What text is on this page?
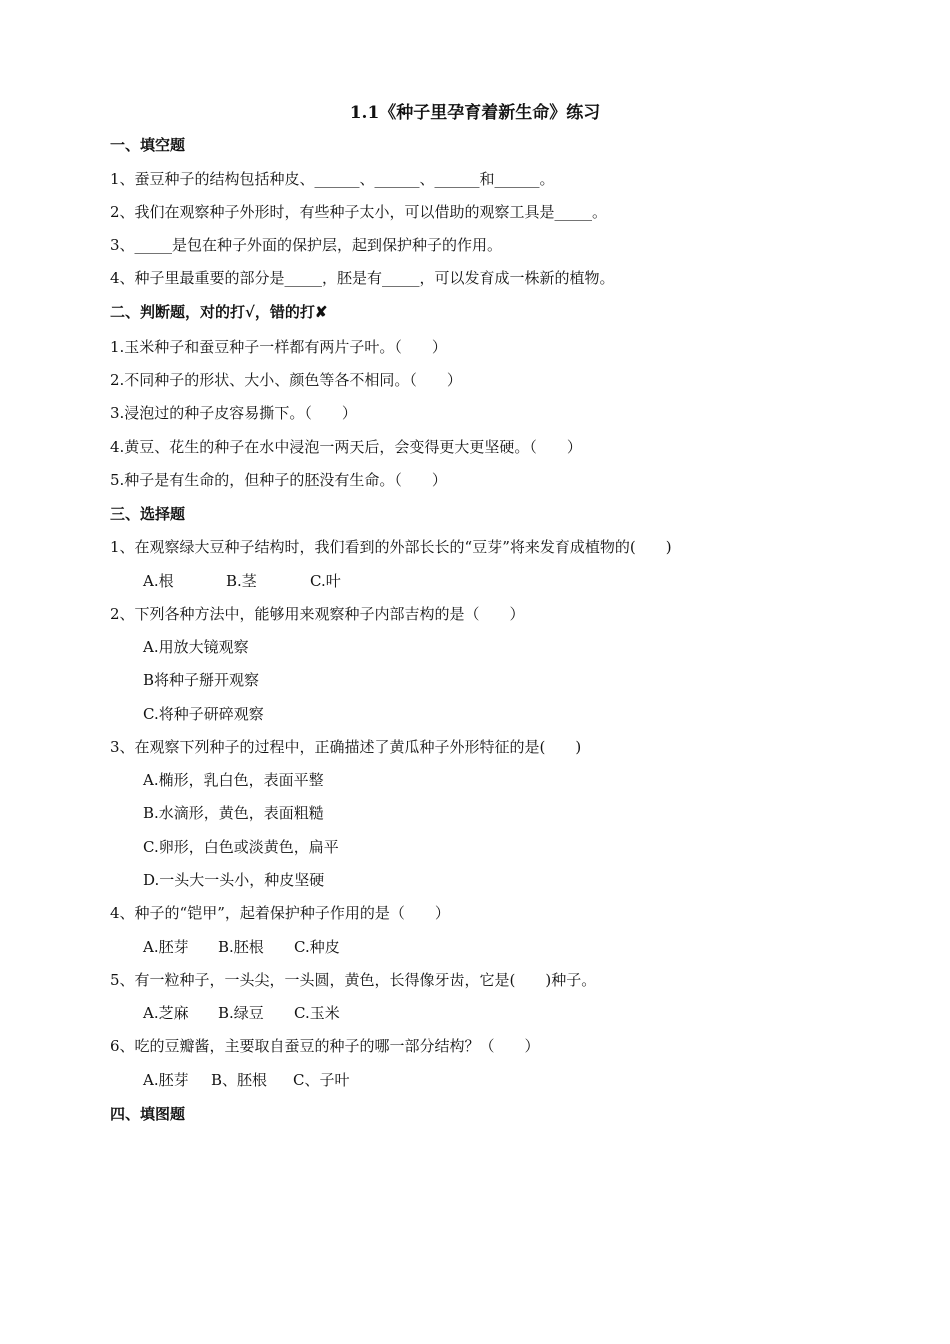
1.1《种子里孕育着新生命》练习
一、填空题
1、蚕豆种子的结构包括种皮、______、______、______和______。
2、我们在观察种子外形时，有些种子太小，可以借助的观察工具是_____。
3、_____是包在种子外面的保护层，起到保护种子的作用。
4、种子里最重要的部分是_____，胚是有_____，可以发育成一株新的植物。
二、判断题，对的打√，错的打✘
1.玉米种子和蚕豆种子一样都有两片子叶。（　　）
2.不同种子的形状、大小、颜色等各不相同。（　　）
3.浸泡过的种子皮容易撕下。（　　）
4.黄豆、花生的种子在水中浸泡一两天后，会变得更大更坚硬。（　　）
5.种子是有生命的，但种子的胚没有生命。（　　）
三、选择题
1、在观察绿大豆种子结构时，我们看到的外部长长的“豆芽”将来发育成植物的(　　)
A.根	B.茎	C.叶
2、下列各种方法中，能够用来观察种子内部吉构的是（　　）
A.用放大镜观察
B将种子掰开观察
C.将种子研碎观察
3、在观察下列种子的过程中，正确描述了黄瓜种子外形特征的是(　　)
A.椭形，乳白色，表面平整
B.水滴形，黄色，表面粗糙
C.卵形，白色或淡黄色，扁平
D.一头大一头小，种皮坚硬
4、种子的“铠甲”，起着保护种子作用的是（　　）
A.胚芽 B.胚根 C.种皮
5、有一粒种子，一头尖，一头圆，黄色，长得像牙齿，它是(　　)种子。
A.芝麻 B.绿豆 C.玉米
6、吃的豆瓣酱，主要取自蚕豆的种子的哪一部分结构？（　　）
A.胚芽 B、胚根 C、子叶
四、填图题
